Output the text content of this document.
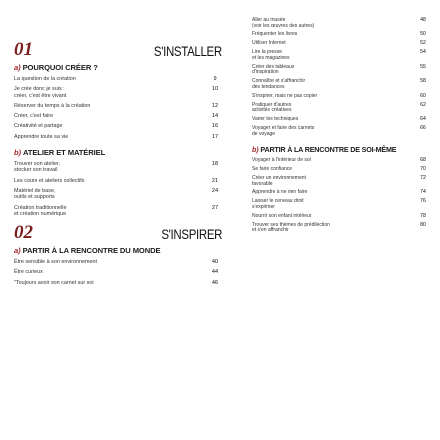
01	S'INSTALLER
a) POURQUOI CRÉER ?
La question de la création	9
Je crée donc je suis :
créer, c'est être vivant
10
Réserver du temps à la création	12
Créer, c'est faire	14
Créativité et partage	16
Apprendre toute sa vie	17
b) ATELIER ET MATÉRIEL
Trouver son atelier,
stocker son travail
18
Les cours et ateliers collectifs	21
Matériel de base,
outils et supports
24
Création traditionnelle
et création numérique
27
02	S'INSPIRER
a) PARTIR À LA RENCONTRE DU MONDE
Être sensible à son environnement	40
Être curieux	44
"Toujours avoir son carnet sur soi	46
Aller au musée
(voir les œuvres des autres)
48
Fréquenter les livres	50
Utiliser Internet	52
Lire la presse
et les magazines
54
Créer des tableaux
d'inspiration
55
Connaître et s'affranchir
des tendances
58
S'inspirer, mais ne pas copier	60
Pratiquer d'autres
activités créatives
62
Varier les techniques	64
Voyager et faire des carnets
de voyage
66
b) PARTIR À LA RENCONTRE DE SOI-MÊME
Voyager à l'intérieur de soi	68
Se faire confiance	70
Créer un environnement
favorable
72
Apprendre à ne rien faire	74
Laisser le cerveau droit
s'exprimer
76
Nourrir son enfant intérieur	78
Trouver ses thèmes de prédilection
et s'en affranchir
80
